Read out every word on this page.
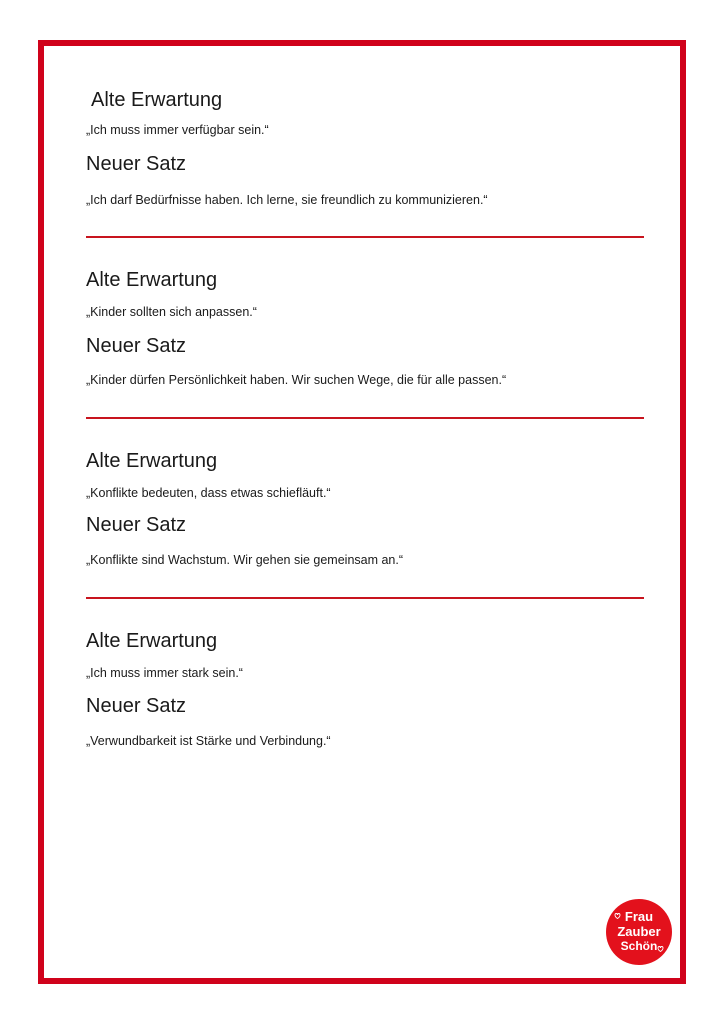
Alte Erwartung

„Ich muss immer verfügbar sein.“

Neuer Satz

„Ich darf Bedürfnisse haben. Ich lerne, sie freundlich zu kommunizieren.“

Alte Erwartung

„Kinder sollten sich anpassen.“

Neuer Satz

„Kinder dürfen Persönlichkeit haben. Wir suchen Wege, die für alle passen.“

Alte Erwartung

„Konflikte bedeuten, dass etwas schiefläuft.“

Neuer Satz

„Konflikte sind Wachstum. Wir gehen sie gemeinsam an.“

Alte Erwartung

„Ich muss immer stark sein.“

Neuer Satz

„Verwundbarkeit ist Stärke und Verbindung.“

Frau
Zauber
Schön
